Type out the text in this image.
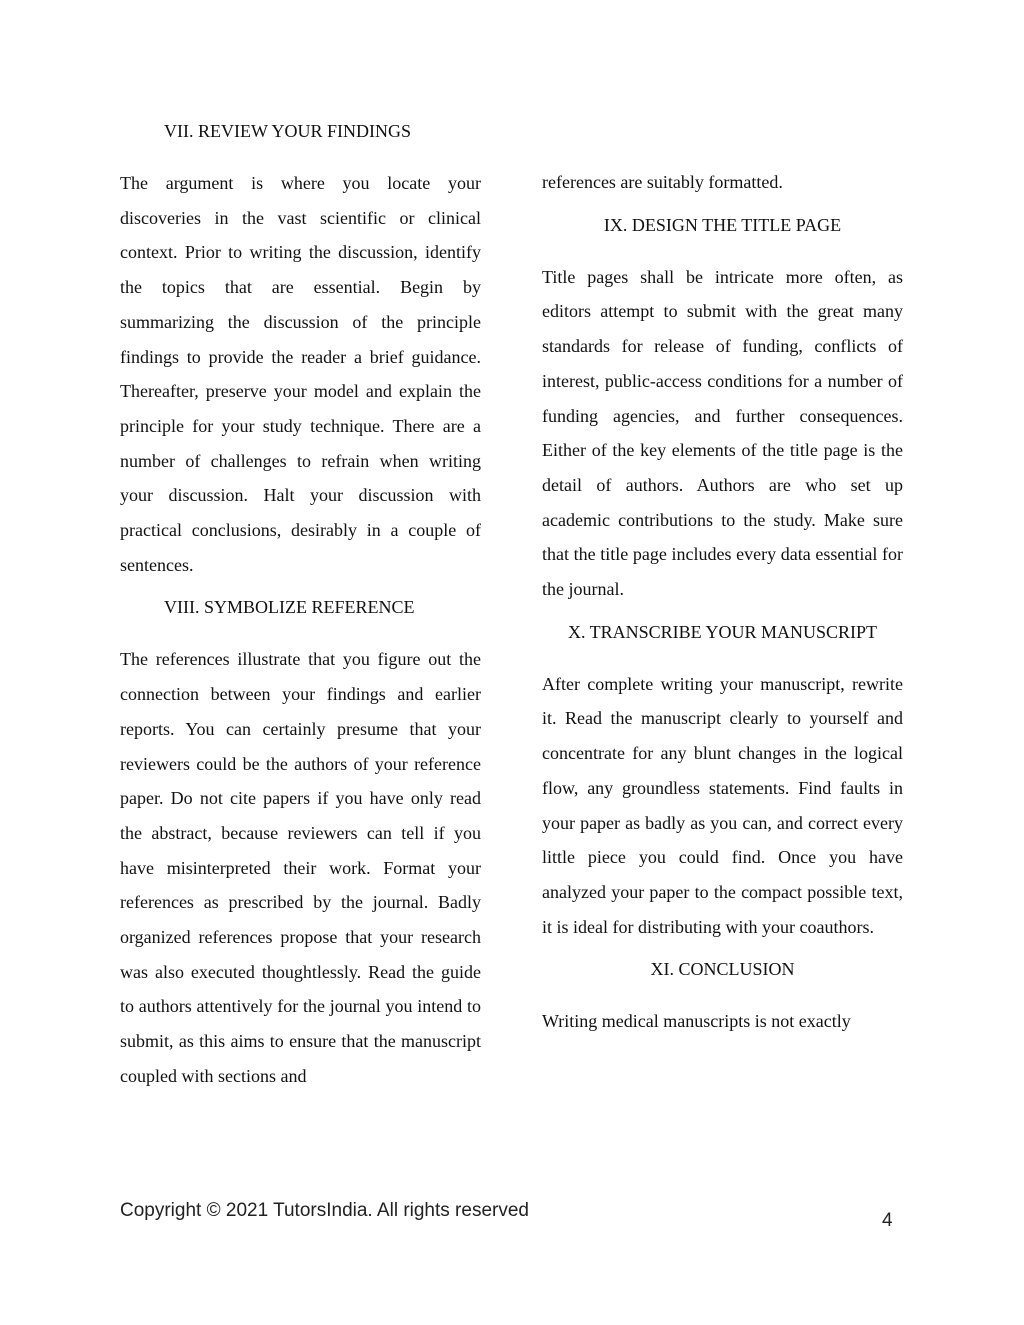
VII. REVIEW YOUR FINDINGS
The argument is where you locate your discoveries in the vast scientific or clinical context. Prior to writing the discussion, identify the topics that are essential. Begin by summarizing the discussion of the principle findings to provide the reader a brief guidance. Thereafter, preserve your model and explain the principle for your study technique. There are a number of challenges to refrain when writing your discussion. Halt your discussion with practical conclusions, desirably in a couple of sentences.
VIII. SYMBOLIZE REFERENCE
The references illustrate that you figure out the connection between your findings and earlier reports. You can certainly presume that your reviewers could be the authors of your reference paper. Do not cite papers if you have only read the abstract, because reviewers can tell if you have misinterpreted their work. Format your references as prescribed by the journal. Badly organized references propose that your research was also executed thoughtlessly. Read the guide to authors attentively for the journal you intend to submit, as this aims to ensure that the manuscript coupled with sections and
references are suitably formatted.
IX. DESIGN THE TITLE PAGE
Title pages shall be intricate more often, as editors attempt to submit with the great many standards for release of funding, conflicts of interest, public-access conditions for a number of funding agencies, and further consequences. Either of the key elements of the title page is the detail of authors. Authors are who set up academic contributions to the study. Make sure that the title page includes every data essential for the journal.
X. TRANSCRIBE YOUR MANUSCRIPT
After complete writing your manuscript, rewrite it. Read the manuscript clearly to yourself and concentrate for any blunt changes in the logical flow, any groundless statements. Find faults in your paper as badly as you can, and correct every little piece you could find. Once you have analyzed your paper to the compact possible text, it is ideal for distributing with your coauthors.
XI. CONCLUSION
Writing medical manuscripts is not exactly
Copyright © 2021 TutorsIndia. All rights reserved	4
